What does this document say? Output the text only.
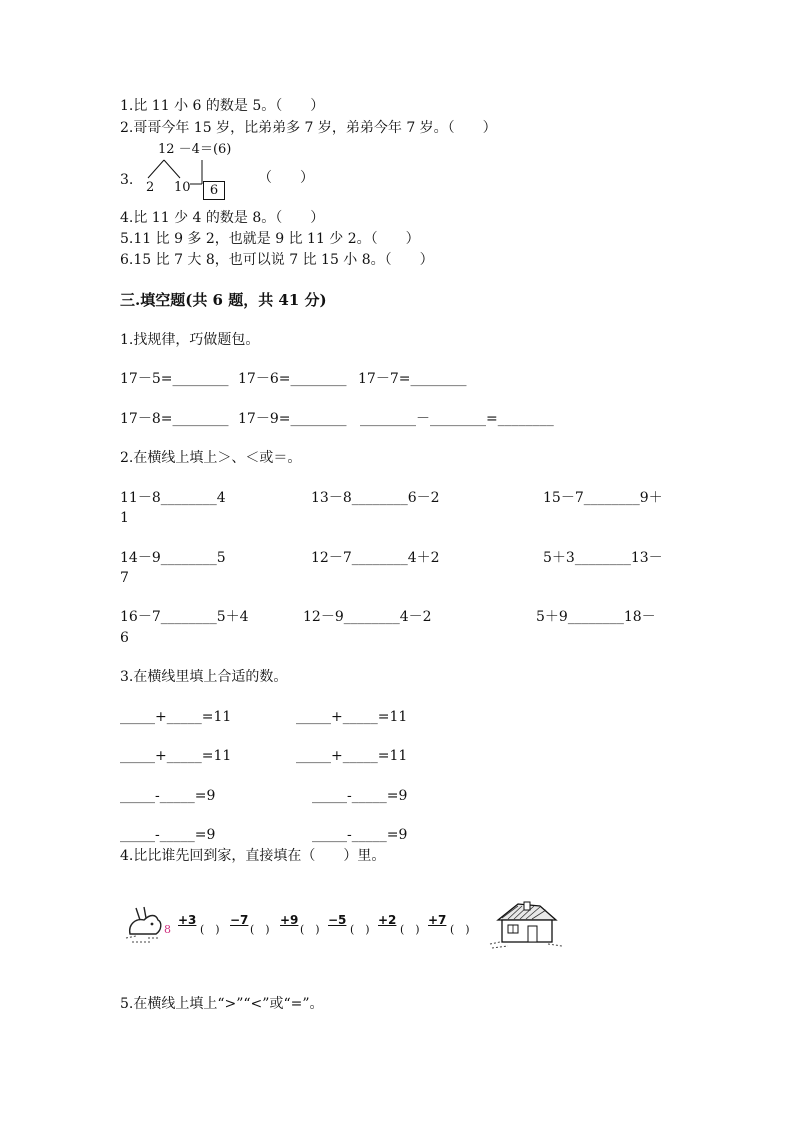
1.比 11 小 6 的数是 5。（　　）
2.哥哥今年 15 岁，比弟弟多 7 岁，弟弟今年 7 岁。（　　）
3.
12 －4＝(6)
2 10	6
（　　）
4.比 11 少 4 的数是 8。（　　）
5.11 比 9 多 2，也就是 9 比 11 少 2。（　　）
6.15 比 7 大 8，也可以说 7 比 15 小 8。（　　）
三.填空题(共 6 题，共 41 分)
1.找规律，巧做题包。
17－5=________ 17－6=________ 17－7=________
17－8=________ 17－9=________ ________－________=________
2.在横线上填上＞、＜或＝。
11－8________4	13－8________6－2	15－7________9＋
1
14－9________5	12－7________4＋2	5＋3________13－
7
16－7________5＋4	12－9________4－2	5＋9________18－
6
3.在横线里填上合适的数。
_____+_____=11	_____+_____=11
_____+_____=11	_____+_____=11
_____-_____=9	_____-_____=9
_____-_____=9	_____-_____=9
4.比比谁先回到家，直接填在（　　）里。
8
+3
(　)
−7
(　)
+9
(　)
−5
(　)
+2
(　)
+7
(　)
5.在横线上填上“>”“<”或“=”。
